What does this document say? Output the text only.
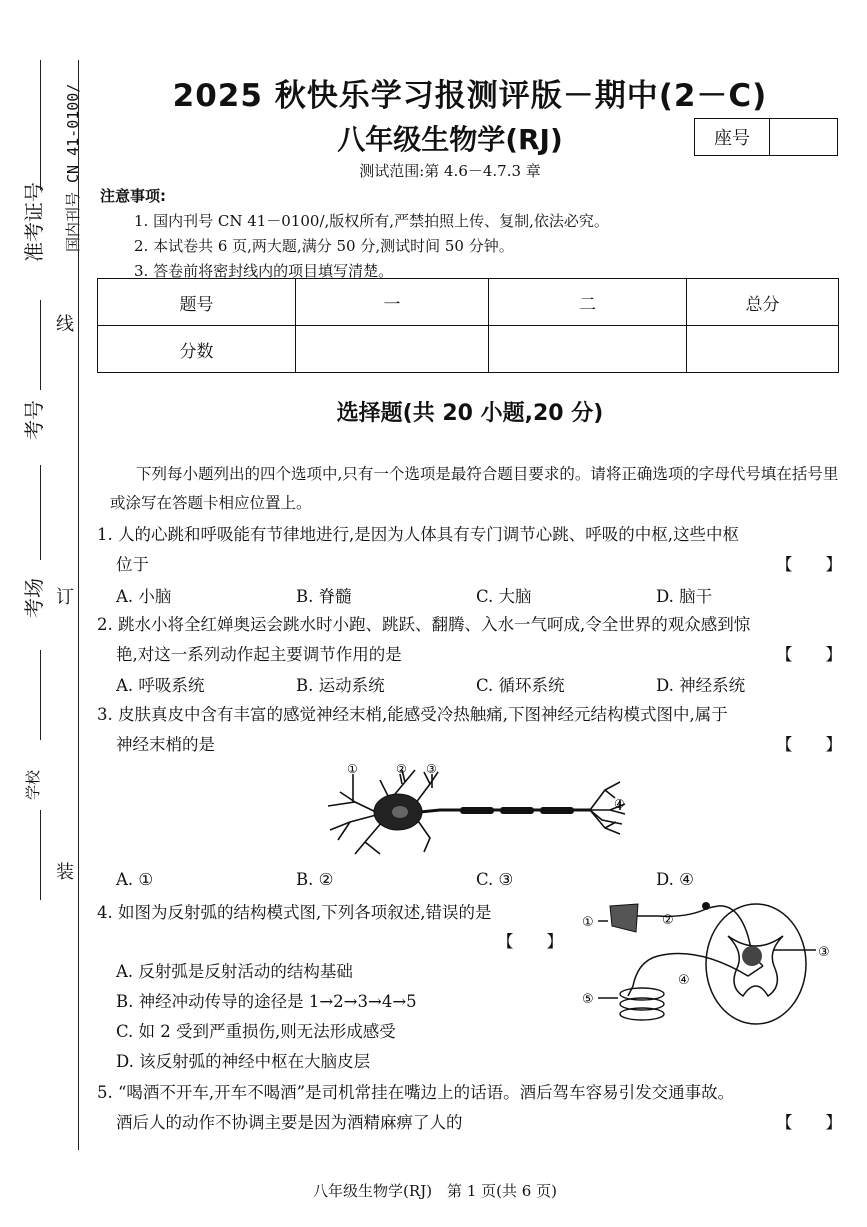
国内刊号 CN 41-0100/
准考证号
线
考号
考场 订
学校
装
2025 秋快乐学习报测评版－期中(2－C)
八年级生物学(RJ)	座号
测试范围:第 4.6－4.7.3 章
注意事项:
1. 国内刊号 CN 41－0100/,版权所有,严禁拍照上传、复制,依法必究。
2. 本试卷共 6 页,两大题,满分 50 分,测试时间 50 分钟。
3. 答卷前将密封线内的项目填写清楚。
题号	一	二	总分
分数			
选择题(共 20 小题,20 分)
下列每小题列出的四个选项中,只有一个选项是最符合题目要求的。请将正确选项的字母代号填在括号里或涂写在答题卡相应位置上。
1. 人的心跳和呼吸能有节律地进行,是因为人体具有专门调节心跳、呼吸的中枢,这些中枢
位于	【　　】
A. 小脑	B. 脊髓	C. 大脑	D. 脑干
2. 跳水小将全红婵奥运会跳水时小跑、跳跃、翻腾、入水一气呵成,令全世界的观众感到惊
艳,对这一系列动作起主要调节作用的是	【　　】
A. 呼吸系统	B. 运动系统	C. 循环系统	D. 神经系统
3. 皮肤真皮中含有丰富的感觉神经末梢,能感受冷热触痛,下图神经元结构模式图中,属于
神经末梢的是	【　　】
①	② ③
④
A. ①	B. ②	C. ③	D. ④
4. 如图为反射弧的结构模式图,下列各项叙述,错误的是
【　　】
A. 反射弧是反射活动的结构基础
B. 神经冲动传导的途径是 1→2→3→4→5
C. 如 2 受到严重损伤,则无法形成感受
D. 该反射弧的神经中枢在大脑皮层
①	②
③
④
⑤
5. “喝酒不开车,开车不喝酒”是司机常挂在嘴边上的话语。酒后驾车容易引发交通事故。
酒后人的动作不协调主要是因为酒精麻痹了人的	【　　】
八年级生物学(RJ)　第 1 页(共 6 页)
